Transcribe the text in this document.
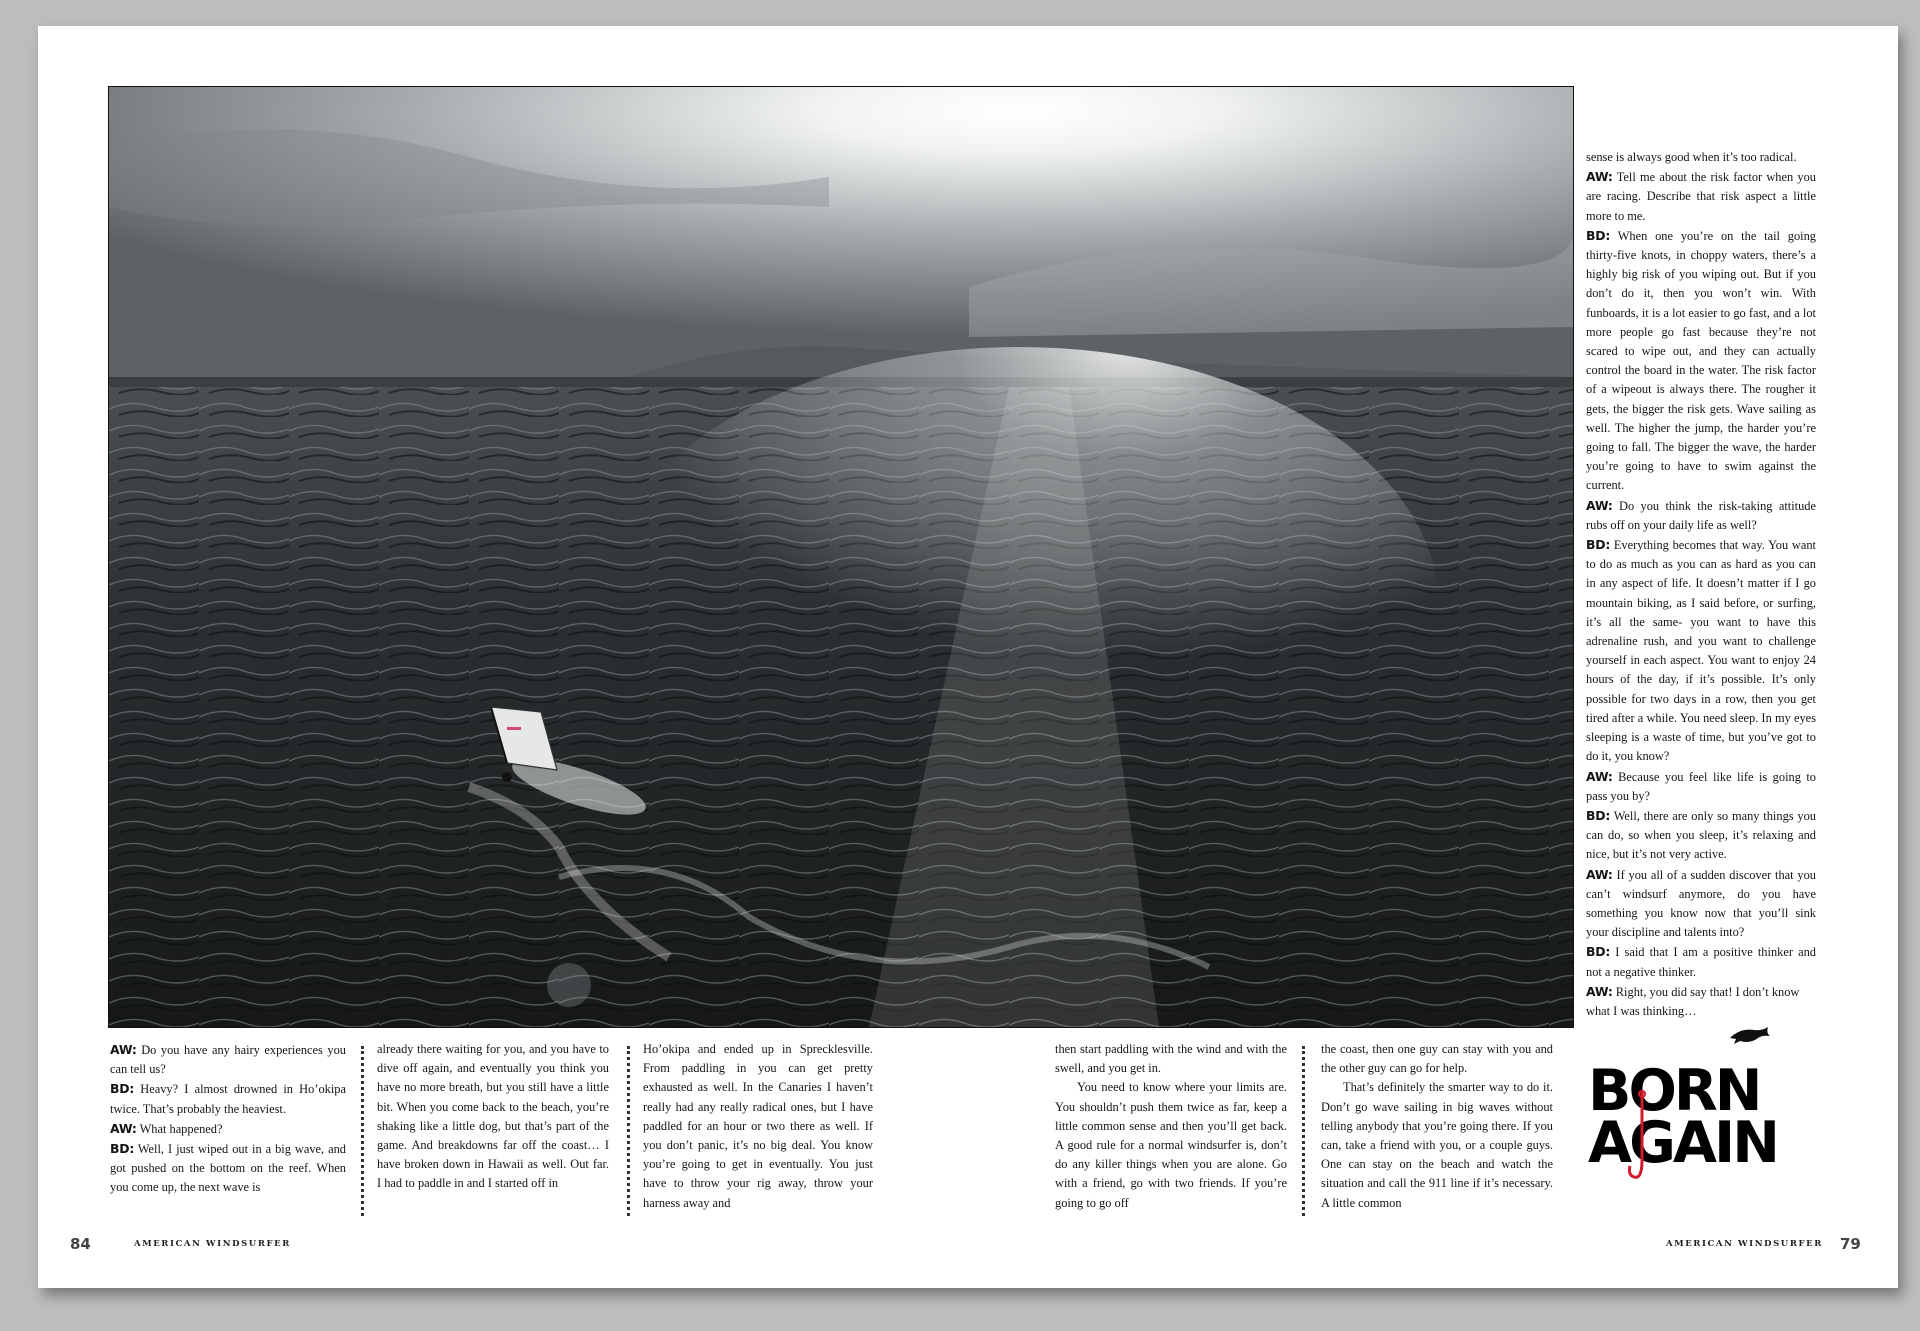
AW: Do you have any hairy experiences you can tell us?

BD: Heavy? I almost drowned in Ho’okipa twice. That’s probably the heaviest.

AW: What happened?

BD: Well, I just wiped out in a big wave, and got pushed on the bottom on the reef. When you come up, the next wave is

already there waiting for you, and you have to dive off again, and eventually you think you have no more breath, but you still have a little bit. When you come back to the beach, you’re shaking like a little dog, but that’s part of the game. And breakdowns far off the coast… I have broken down in Hawaii as well. Out far. I had to paddle in and I started off in

Ho’okipa and ended up in Sprecklesville. From paddling in you can get pretty exhausted as well. In the Canaries I haven’t really had any really radical ones, but I have paddled for an hour or two there as well. If you don’t panic, it’s no big deal. You know you’re going to get in eventually. You just have to throw your rig away, throw your harness away and

then start paddling with the wind and with the swell, and you get in.

You need to know where your limits are. You shouldn’t push them twice as far, keep a little common sense and then you’ll get back. A good rule for a normal windsurfer is, don’t do any killer things when you are alone. Go with a friend, go with two friends. If you’re going to go off

the coast, then one guy can stay with you and the other guy can go for help.

That’s definitely the smarter way to do it. Don’t go wave sailing in big waves without telling anybody that you’re going there. If you can, take a friend with you, or a couple guys. One can stay on the beach and watch the situation and call the 911 line if it’s necessary. A little common

sense is always good when it’s too radical.

AW: Tell me about the risk factor when you are racing. Describe that risk aspect a little more to me.

BD: When one you’re on the tail going thirty-five knots, in choppy waters, there’s a highly big risk of you wiping out. But if you don’t do it, then you won’t win. With funboards, it is a lot easier to go fast, and a lot more people go fast because they’re not scared to wipe out, and they can actually control the board in the water. The risk factor of a wipeout is always there. The rougher it gets, the bigger the risk gets. Wave sailing as well. The higher the jump, the harder you’re going to fall. The bigger the wave, the harder you’re going to have to swim against the current.

AW: Do you think the risk-taking attitude rubs off on your daily life as well?

BD: Everything becomes that way. You want to do as much as you can as hard as you can in any aspect of life. It doesn’t matter if I go mountain biking, as I said before, or surfing, it’s all the same- you want to have this adrenaline rush, and you want to challenge yourself in each aspect. You want to enjoy 24 hours of the day, if it’s possible. It’s only possible for two days in a row, then you get tired after a while. You need sleep. In my eyes sleeping is a waste of time, but you’ve got to do it, you know?

AW: Because you feel like life is going to pass you by?

BD: Well, there are only so many things you can do, so when you sleep, it’s relaxing and nice, but it’s not very active.

AW: If you all of a sudden discover that you can’t windsurf anymore, do you have something you know now that you’ll sink your discipline and talents into?

BD: I said that I am a positive thinker and not a negative thinker.

AW: Right, you did say that! I don’t know what I was thinking…

BORN
AGAIN
84	AMERICAN WINDSURFER	AMERICAN WINDSURFER 79
